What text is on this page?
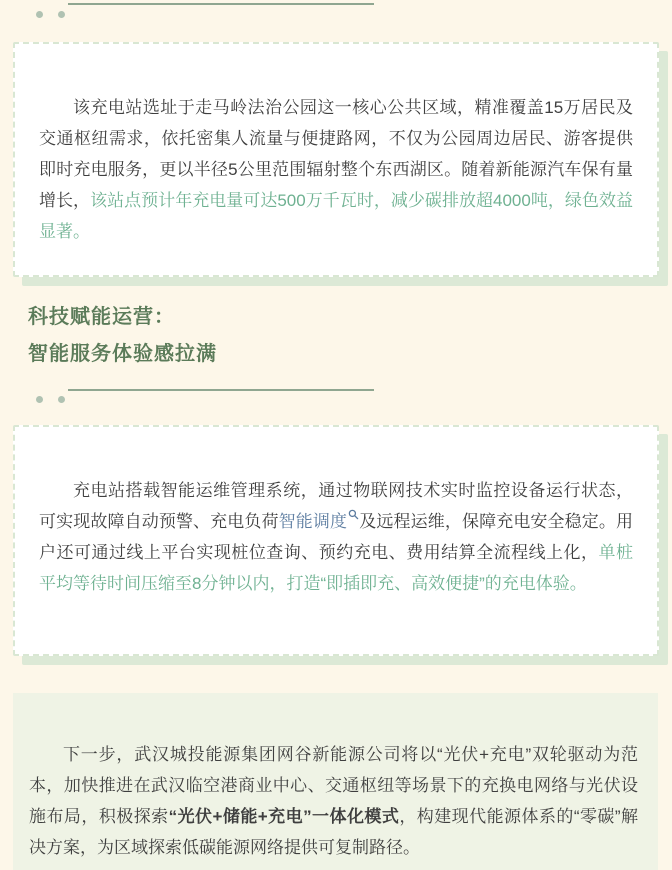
该充电站选址于走马岭法治公园这一核心公共区域，精准覆盖15万居民及交通枢纽需求，依托密集人流量与便捷路网，不仅为公园周边居民、游客提供即时充电服务，更以半径5公里范围辐射整个东西湖区。随着新能源汽车保有量增长，该站点预计年充电量可达500万千瓦时，减少碳排放超4000吨，绿色效益显著。

科技赋能运营：
智能服务体验感拉满

充电站搭载智能运维管理系统，通过物联网技术实时监控设备运行状态，可实现故障自动预警、充电负荷智能调度 及远程运维，保障充电安全稳定。用户还可通过线上平台实现桩位查询、预约充电、费用结算全流程线上化，单桩平均等待时间压缩至8分钟以内，打造“即插即充、高效便捷”的充电体验。

下一步，武汉城投能源集团网谷新能源公司将以“光伏+充电”双轮驱动为范本，加快推进在武汉临空港商业中心、交通枢纽等场景下的充换电网络与光伏设施布局，积极探索“光伏+储能+充电”一体化模式，构建现代能源体系的“零碳”解决方案，为区域探索低碳能源网络提供可复制路径。
